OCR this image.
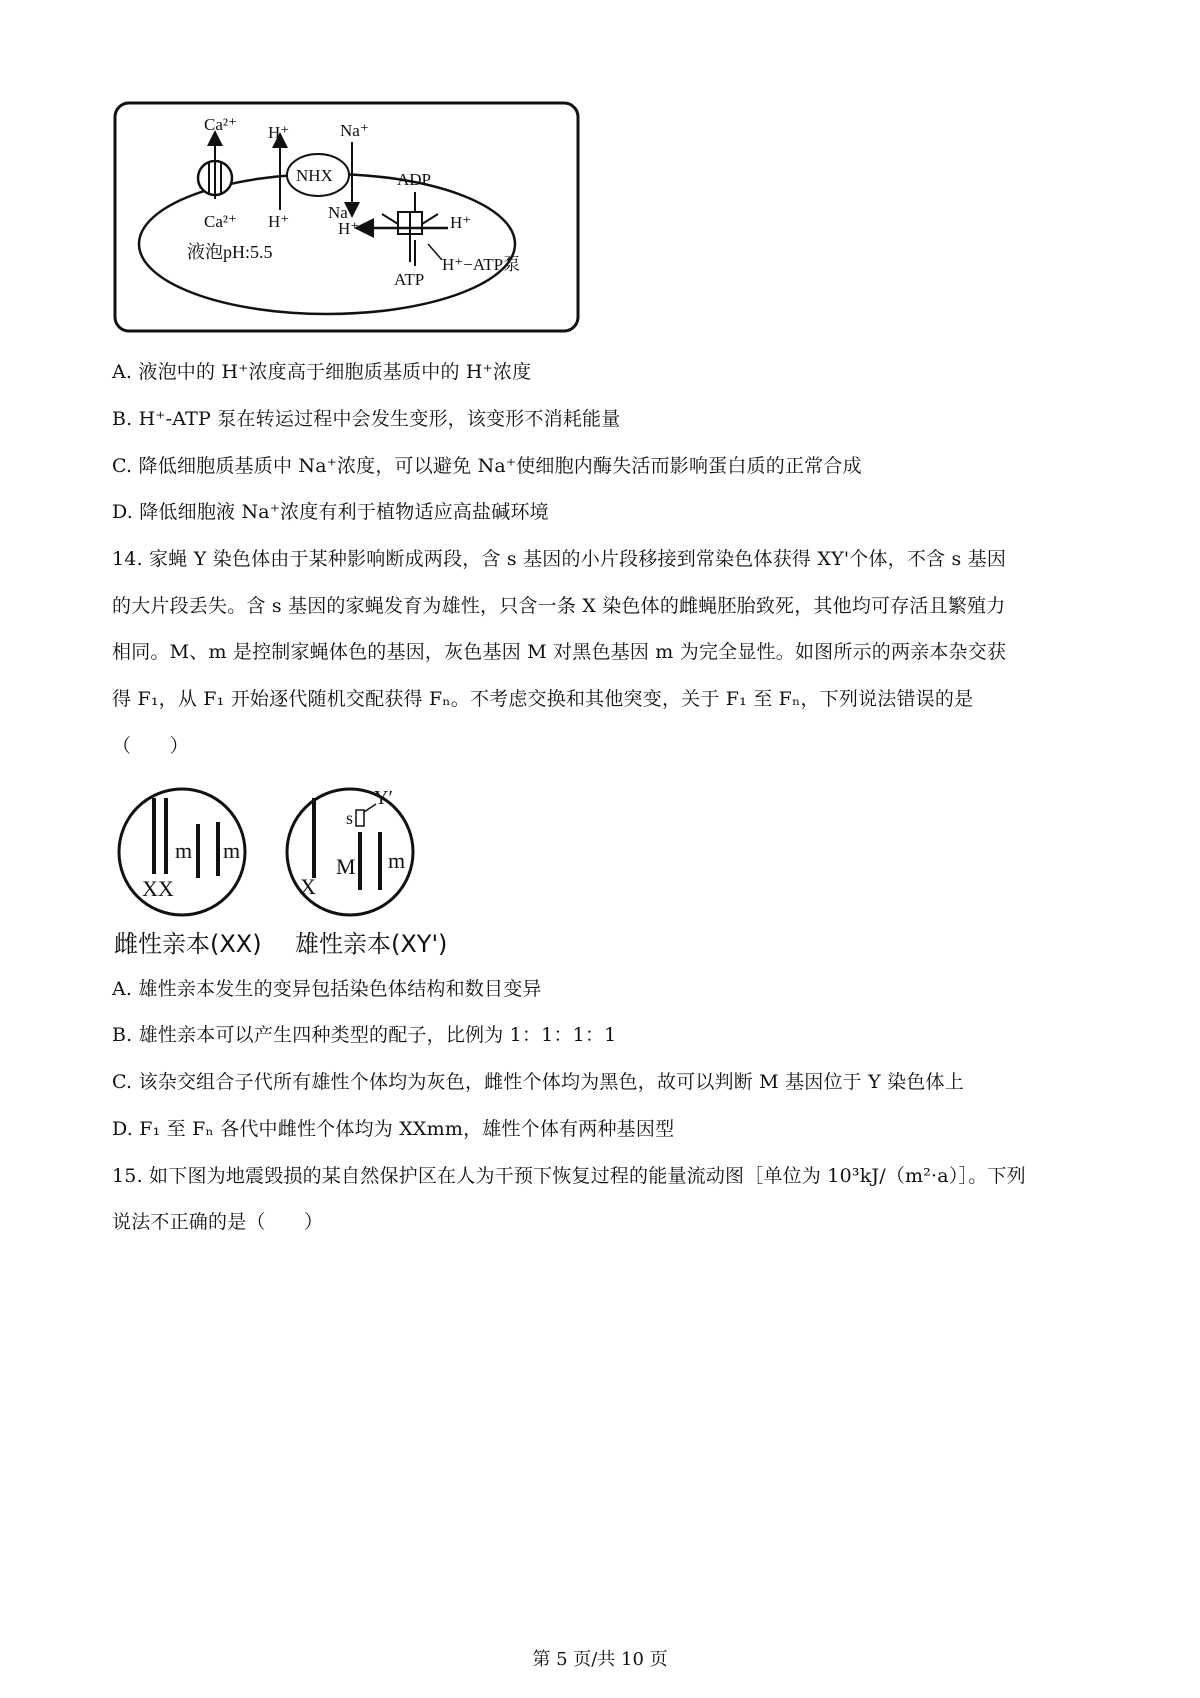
Ca²⁺
Ca²⁺
H⁺
H⁺
NHX
Na⁺
Na⁺
ADP
H⁺	H⁺
ATP
H⁺−ATP泵
液泡pH:5.5
A. 液泡中的 H⁺浓度高于细胞质基质中的 H⁺浓度
B. H⁺-ATP 泵在转运过程中会发生变形，该变形不消耗能量
C. 降低细胞质基质中 Na⁺浓度，可以避免 Na⁺使细胞内酶失活而影响蛋白质的正常合成
D. 降低细胞液 Na⁺浓度有利于植物适应高盐碱环境
14. 家蝇 Y 染色体由于某种影响断成两段，含 s 基因的小片段移接到常染色体获得 XY'个体，不含 s 基因
的大片段丢失。含 s 基因的家蝇发育为雄性，只含一条 X 染色体的雌蝇胚胎致死，其他均可存活且繁殖力
相同。M、m 是控制家蝇体色的基因，灰色基因 M 对黑色基因 m 为完全显性。如图所示的两亲本杂交获
得 F₁，从 F₁ 开始逐代随机交配获得 Fₙ。不考虑交换和其他突变，关于 F₁ 至 Fₙ，下列说法错误的是
（　　）
XX
m m
X
M
s
Y′
m
雌性亲本(XX) 雄性亲本(XY')
A. 雄性亲本发生的变异包括染色体结构和数目变异
B. 雄性亲本可以产生四种类型的配子，比例为 1：1：1：1
C. 该杂交组合子代所有雄性个体均为灰色，雌性个体均为黑色，故可以判断 M 基因位于 Y 染色体上
D. F₁ 至 Fₙ 各代中雌性个体均为 XXmm，雄性个体有两种基因型
15. 如下图为地震毁损的某自然保护区在人为干预下恢复过程的能量流动图［单位为 10³kJ/（m²·a）］。下列
说法不正确的是（　　）
第 5 页/共 10 页
